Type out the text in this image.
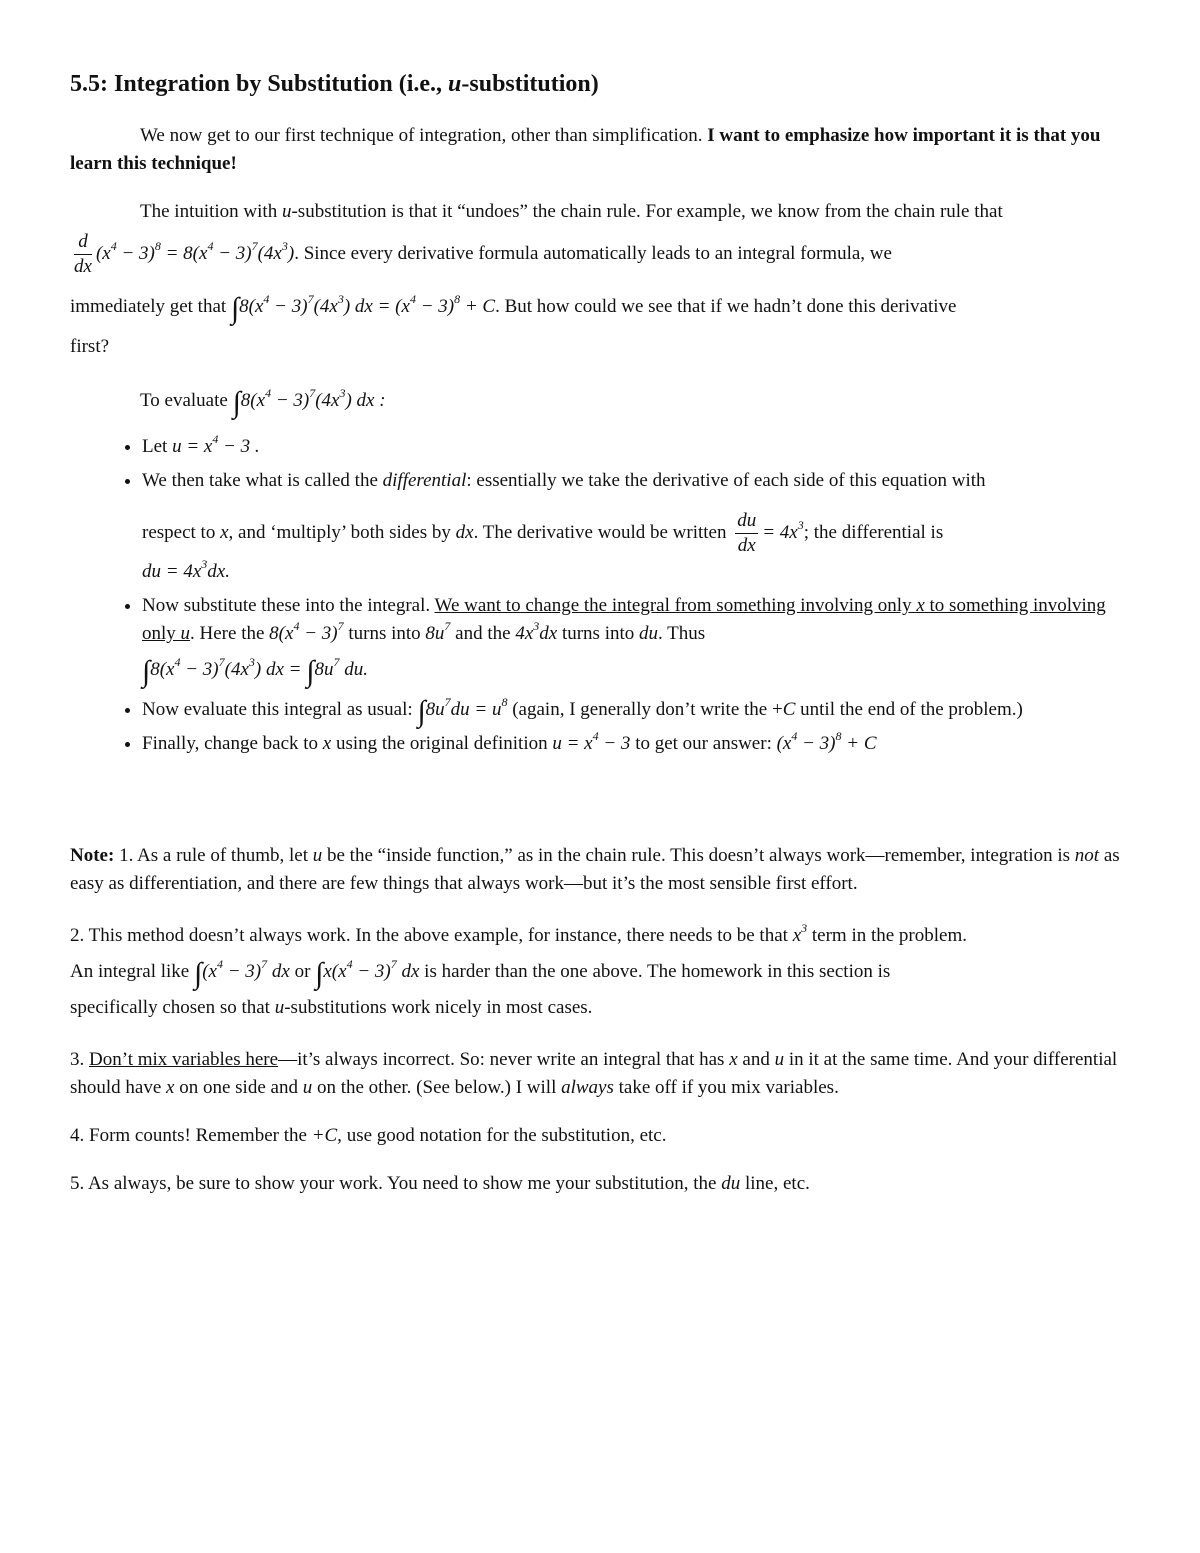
5.5: Integration by Substitution (i.e., u-substitution)

We now get to our first technique of integration, other than simplification. I want to emphasize how important it is that you learn this technique!

The intuition with u-substitution is that it “undoes” the chain rule. For example, we know from the chain rule that

$\frac{d}{dx} (x^4 - 3)^8 = 8(x^4 - 3)^7(4x^3)$. Since every derivative formula automatically leads to an integral formula, we

immediately get that $\int 8(x^4 - 3)^7(4x^3)$ dx = $(x^4 - 3)^8 + C$. But how could we see that if we hadn’t done this derivative

first?

To evaluate $\int 8(x^4 - 3)^7(4x^3)$ dx :

• Let $u = x^4 - 3$ .
• We then take what is called the differential: essentially we take the derivative of each side of this equation with
respect to x, and ‘multiply’ both sides by dx. The derivative would be written $\frac{du}{dx} = 4x^3$; the differential is
du = $4x^3dx$.
• Now substitute these into the integral. We want to change the integral from something involving only x to something involving only u. Here the $8(x^4 - 3)^7$ turns into $8u^7$ and the $4x^3dx$ turns into du. Thus
$\int 8(x^4 - 3)^7(4x^3)$ dx = $\int 8u^7$ du.
• Now evaluate this integral as usual: $\int 8u^7du = u^8$ (again, I generally don’t write the +C until the end of the problem.)
• Finally, change back to x using the original definition $u = x^4 - 3$ to get our answer: $(x^4 - 3)^8 + C$

Note: 1. As a rule of thumb, let u be the “inside function,” as in the chain rule. This doesn’t always work—remember, integration is not as easy as differentiation, and there are few things that always work—but it’s the most sensible first effort.

2. This method doesn’t always work. In the above example, for instance, there needs to be that $x^3$ term in the problem.
An integral like $\int(x^4 - 3)^7$ dx or $\int x(x^4 - 3)^7$ dx is harder than the one above. The homework in this section is
specifically chosen so that u-substitutions work nicely in most cases.

3. Don’t mix variables here—it’s always incorrect. So: never write an integral that has x and u in it at the same time. And your differential should have x on one side and u on the other. (See below.) I will always take off if you mix variables.

4. Form counts! Remember the +C, use good notation for the substitution, etc.

5. As always, be sure to show your work. You need to show me your substitution, the du line, etc.
